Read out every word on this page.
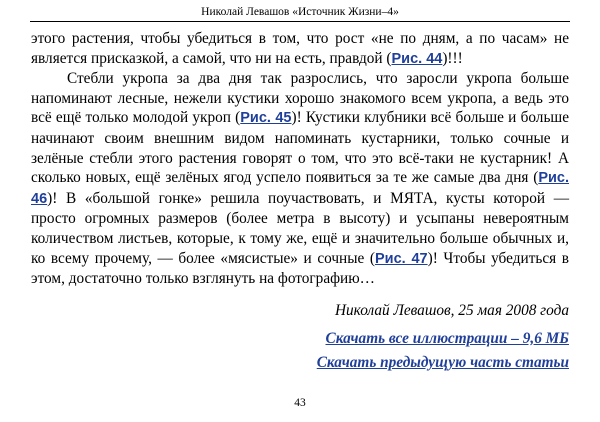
Николай Левашов «Источник Жизни–4»

этого растения, чтобы убедиться в том, что рост «не по дням, а по часам» не является присказкой, а самой, что ни на есть, правдой (Рис. 44)!!!

Стебли укропа за два дня так разрослись, что заросли укропа больше напоминают лесные, нежели кустики хорошо знакомого всем укропа, а ведь это всё ещё только молодой укроп (Рис. 45)! Кустики клубники всё больше и больше начинают своим внешним видом напоминать кустарники, только сочные и зелёные стебли этого растения говорят о том, что это всё-таки не кустарник! А сколько новых, ещё зелёных ягод успело появиться за те же самые два дня (Рис. 46)! В «большой гонке» решила поучаствовать, и МЯТА, кусты которой — просто огромных размеров (более метра в высоту) и усыпаны невероятным количеством листьев, которые, к тому же, ещё и значительно больше обычных и, ко всему прочему, — более «мясистые» и сочные (Рис. 47)! Чтобы убедиться в этом, достаточно только взглянуть на фотографию…

Николай Левашов, 25 мая 2008 года
Скачать все иллюстрации – 9,6 МБ
Скачать предыдущую часть статьи
43
